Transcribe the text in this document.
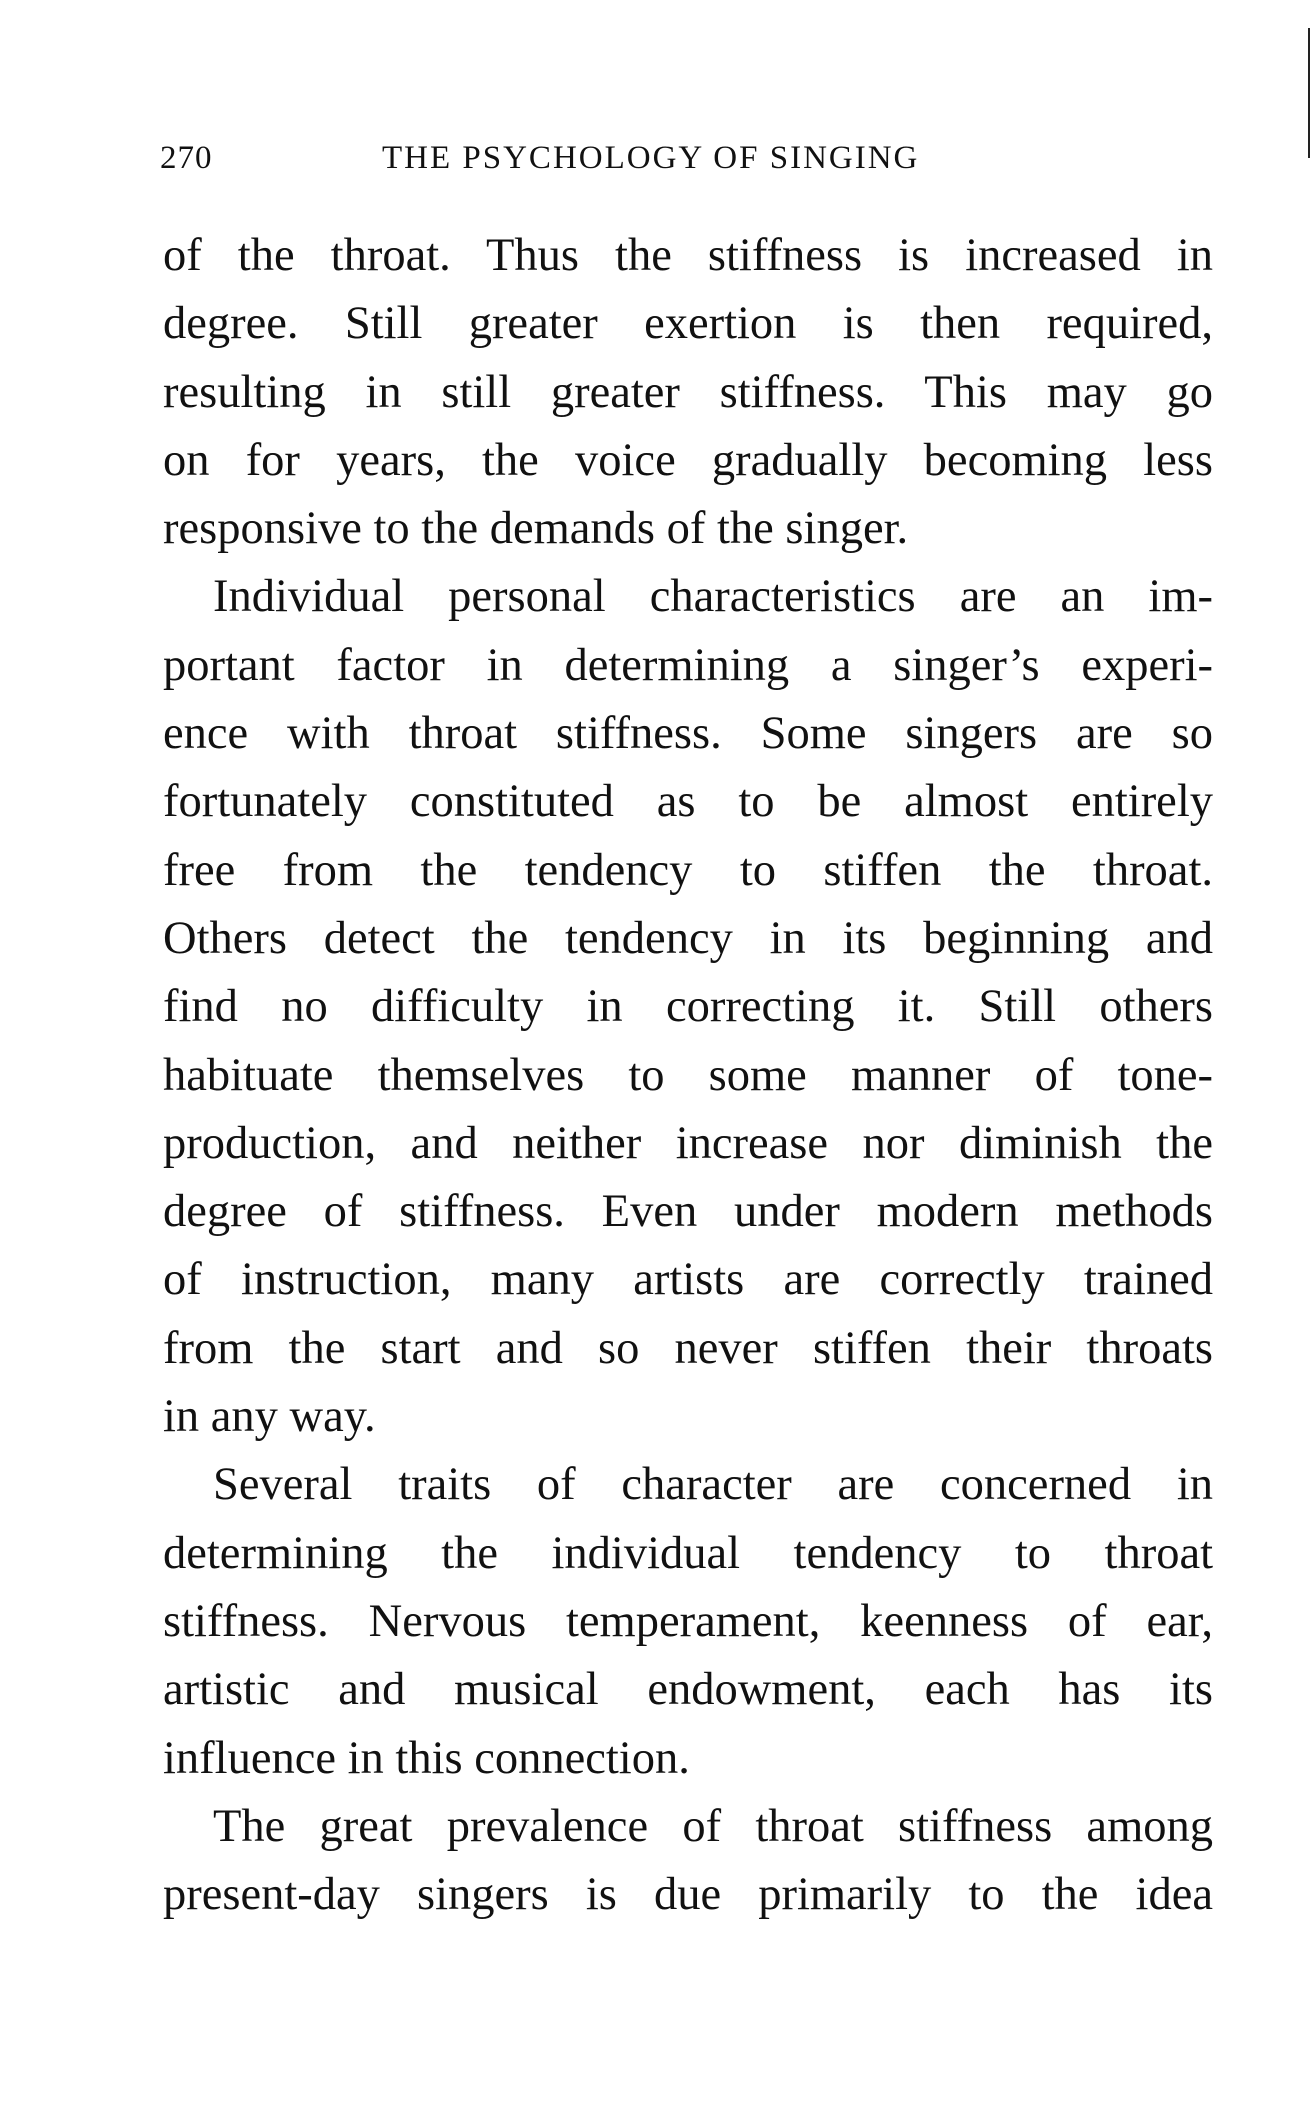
270	THE PSYCHOLOGY OF SINGING
of the throat. Thus the stiffness is increased in
degree. Still greater exertion is then required,
resulting in still greater stiffness. This may go
on for years, the voice gradually becoming less
responsive to the demands of the singer.
Individual personal characteristics are an im-
portant factor in determining a singer’s experi-
ence with throat stiffness. Some singers are so
fortunately constituted as to be almost entirely
free from the tendency to stiffen the throat.
Others detect the tendency in its beginning and
find no difficulty in correcting it. Still others
habituate themselves to some manner of tone-
production, and neither increase nor diminish the
degree of stiffness. Even under modern methods
of instruction, many artists are correctly trained
from the start and so never stiffen their throats
in any way.
Several traits of character are concerned in
determining the individual tendency to throat
stiffness. Nervous temperament, keenness of ear,
artistic and musical endowment, each has its
influence in this connection.
The great prevalence of throat stiffness among
present-day singers is due primarily to the idea
